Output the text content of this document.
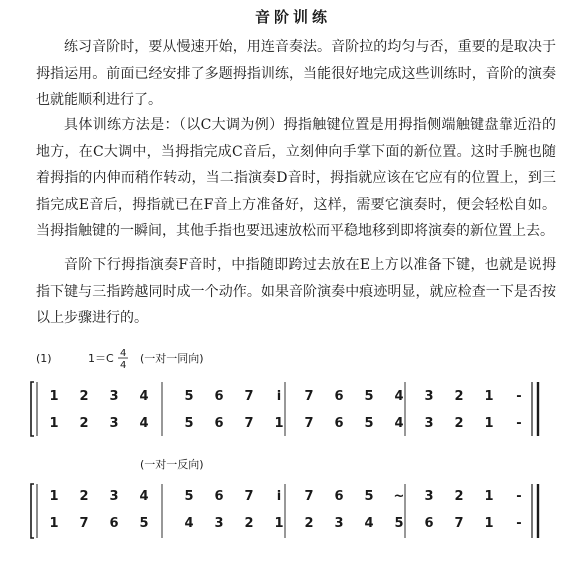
音阶训练

练习音阶时，要从慢速开始，用连音奏法。音阶拉的均匀与否，重要的是取决于拇指运用。前面已经安排了多题拇指训练，当能很好地完成这些训练时，音阶的演奏也就能顺利进行了。

具体训练方法是：（以C大调为例）拇指触键位置是用拇指侧端触键盘靠近沿的地方，在C大调中，当拇指完成C音后，立刻伸向手掌下面的新位置。这时手腕也随着拇指的内伸而稍作转动，当二指演奏D音时，拇指就应该在它应有的位置上，到三指完成E音后，拇指就已在F音上方准备好，这样，需要它演奏时，便会轻松自如。当拇指触键的一瞬间，其他手指也要迅速放松而平稳地移到即将演奏的新位置上去。

音阶下行拇指演奏F音时，中指随即跨过去放在E上方以准备下键，也就是说拇指下键与三指跨越同时成一个动作。如果音阶演奏中痕迹明显，就应检查一下是否按以上步骤进行的。

(1)	1＝C 4
4
(一对一同向)
(一对一反向)
1 2 3 4	5 6 7 i 7 6 5 4 3 2 1 -
1 2 3 4	5 6 7 1 7 6 5 4 3 2 1 -
1 2 3 4	5 6 7 i 7 6 5 ~ 3 2 1 -
1 7 6 5	4 3 2 1 2 3 4 5 6 7 1 -
